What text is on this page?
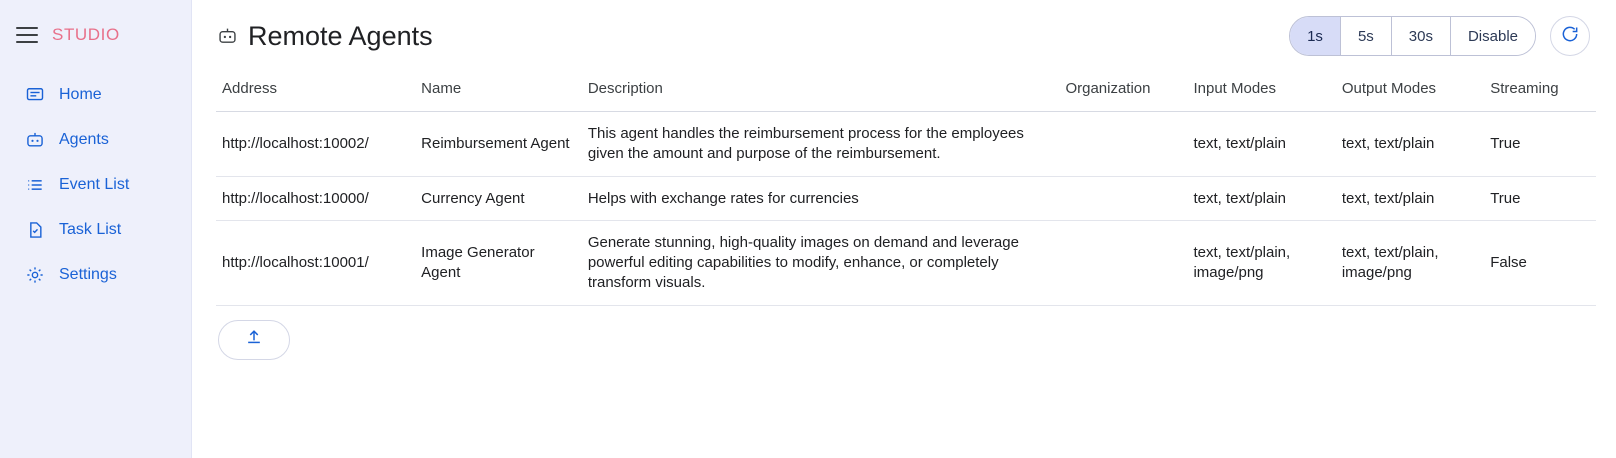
STUDIO
Home
Agents
Event List
Task List
Settings
Remote Agents	1s	5s	30s	Disable
Address	Name	Description	Organization	Input Modes	Output Modes	Streaming
http://localhost:10002/	Reimbursement Agent	This agent handles the reimbursement process for the employees given the amount and purpose of the reimbursement.		text, text/plain	text, text/plain	True
http://localhost:10000/	Currency Agent	Helps with exchange rates for currencies		text, text/plain	text, text/plain	True
http://localhost:10001/	Image Generator Agent	Generate stunning, high-quality images on demand and leverage powerful editing capabilities to modify, enhance, or completely transform visuals.		text, text/plain, image/png	text, text/plain, image/png	False
